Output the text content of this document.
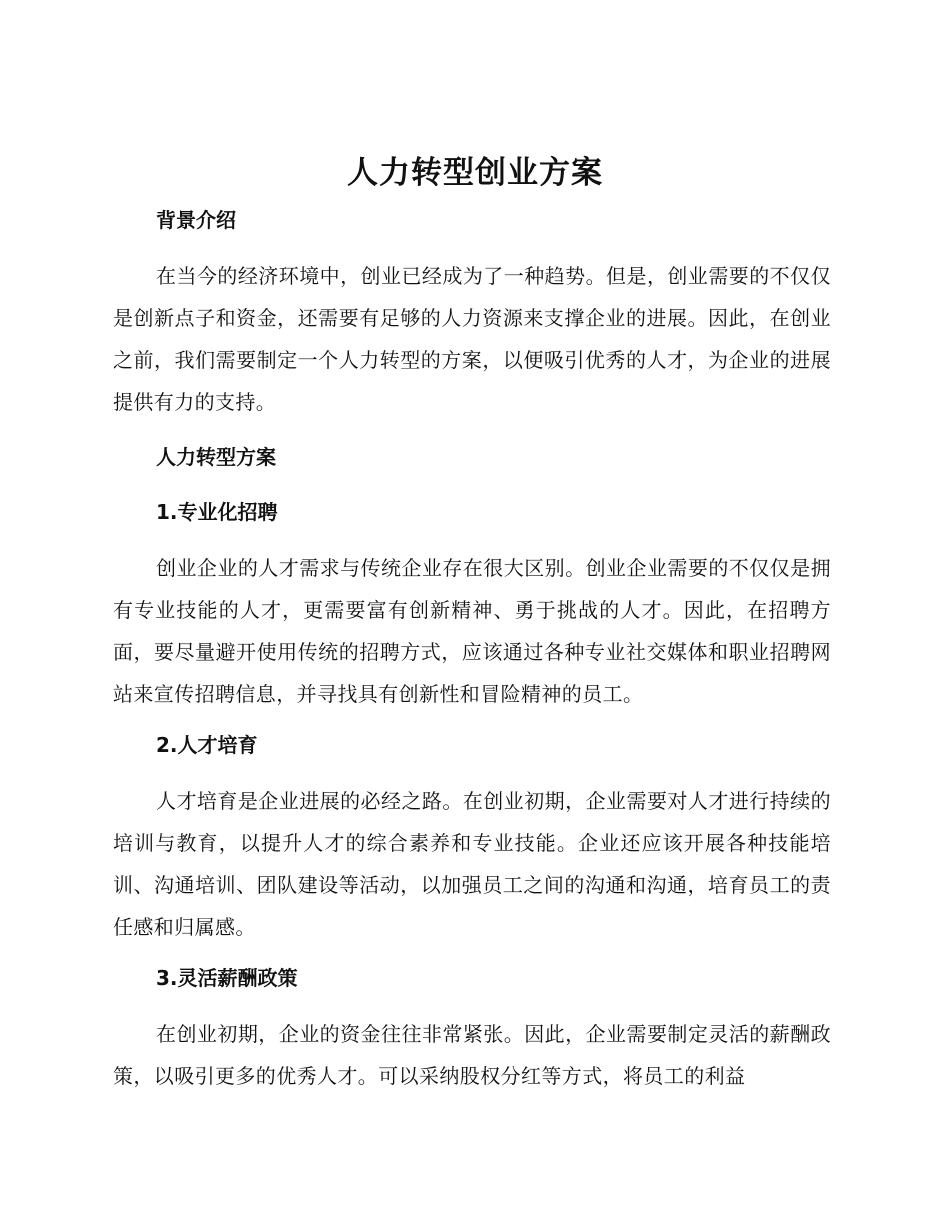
人力转型创业方案
背景介绍

在当今的经济环境中，创业已经成为了一种趋势。但是，创业需要的不仅仅是创新点子和资金，还需要有足够的人力资源来支撑企业的进展。因此，在创业之前，我们需要制定一个人力转型的方案，以便吸引优秀的人才，为企业的进展提供有力的支持。

人力转型方案
1.专业化招聘

创业企业的人才需求与传统企业存在很大区别。创业企业需要的不仅仅是拥有专业技能的人才，更需要富有创新精神、勇于挑战的人才。因此，在招聘方面，要尽量避开使用传统的招聘方式，应该通过各种专业社交媒体和职业招聘网站来宣传招聘信息，并寻找具有创新性和冒险精神的员工。

2.人才培育

人才培育是企业进展的必经之路。在创业初期，企业需要对人才进行持续的培训与教育，以提升人才的综合素养和专业技能。企业还应该开展各种技能培训、沟通培训、团队建设等活动，以加强员工之间的沟通和沟通，培育员工的责任感和归属感。

3.灵活薪酬政策

在创业初期，企业的资金往往非常紧张。因此，企业需要制定灵活的薪酬政策，以吸引更多的优秀人才。可以采纳股权分红等方式，将员工的利益
